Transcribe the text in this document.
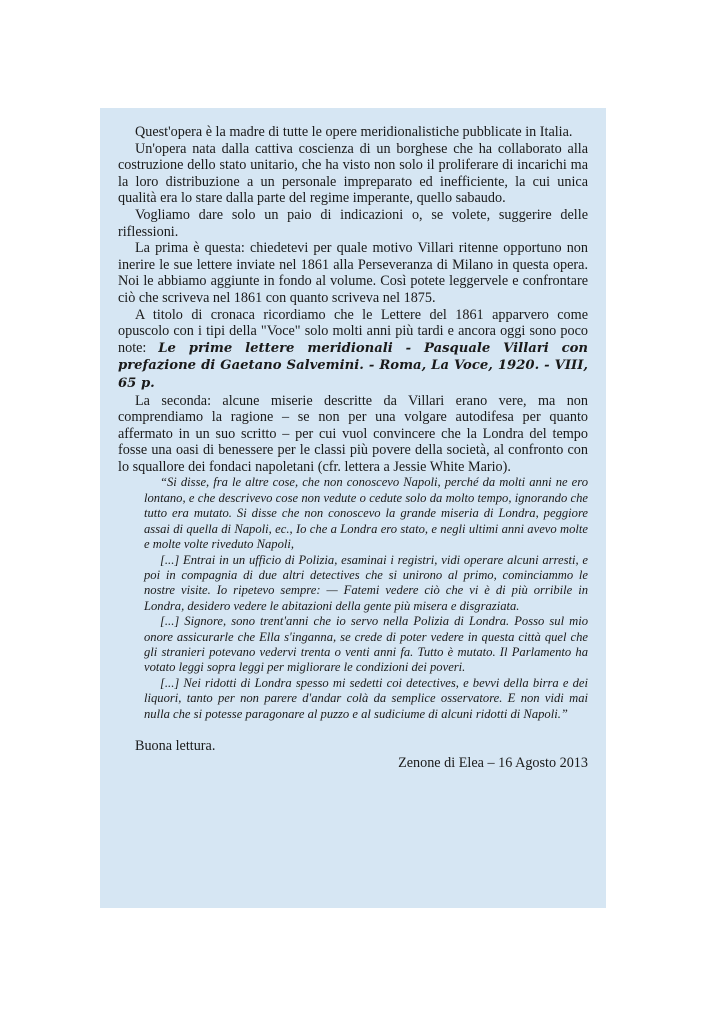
Quest'opera è la madre di tutte le opere meridionalistiche pubblicate in Italia.

Un'opera nata dalla cattiva coscienza di un borghese che ha collaborato alla costruzione dello stato unitario, che ha visto non solo il proliferare di incarichi ma la loro distribuzione a un personale impreparato ed inefficiente, la cui unica qualità era lo stare dalla parte del regime imperante, quello sabaudo.

Vogliamo dare solo un paio di indicazioni o, se volete, suggerire delle riflessioni.

La prima è questa: chiedetevi per quale motivo Villari ritenne opportuno non inerire le sue lettere inviate nel 1861 alla Perseveranza di Milano in questa opera. Noi le abbiamo aggiunte in fondo al volume. Così potete leggervele e confrontare ciò che scriveva nel 1861 con quanto scriveva nel 1875.

A titolo di cronaca ricordiamo che le Lettere del 1861 apparvero come opuscolo con i tipi della "Voce" solo molti anni più tardi e ancora oggi sono poco note: Le prime lettere meridionali - Pasquale Villari con prefazione di Gaetano Salvemini. - Roma, La Voce, 1920. - VIII, 65 p.

La seconda: alcune miserie descritte da Villari erano vere, ma non comprendiamo la ragione – se non per una volgare autodifesa per quanto affermato in un suo scritto – per cui vuol convincere che la Londra del tempo fosse una oasi di benessere per le classi più povere della società, al confronto con lo squallore dei fondaci napoletani (cfr. lettera a Jessie White Mario).

“Si disse, fra le altre cose, che non conoscevo Napoli, perché da molti anni ne ero lontano, e che descrivevo cose non vedute o cedute solo da molto tempo, ignorando che tutto era mutato. Si disse che non conoscevo la grande miseria di Londra, peggiore assai di quella di Napoli, ec., Io che a Londra ero stato, e negli ultimi anni avevo molte e molte volte riveduto Napoli,

[...] Entrai in un ufficio di Polizia, esaminai i registri, vidi operare alcuni arresti, e poi in compagnia di due altri detectives che si unirono al primo, cominciammo le nostre visite. Io ripetevo sempre: — Fatemi vedere ciò che vi è di più orribile in Londra, desidero vedere le abitazioni della gente più misera e disgraziata.

[...] Signore, sono trent'anni che io servo nella Polizia di Londra. Posso sul mio onore assicurarle che Ella s'inganna, se crede di poter vedere in questa città quel che gli stranieri potevano vedervi trenta o venti anni fa. Tutto è mutato. Il Parlamento ha votato leggi sopra leggi per migliorare le condizioni dei poveri.

[...] Nei ridotti di Londra spesso mi sedetti coi detectives, e bevvi della birra e dei liquori, tanto per non parere d'andar colà da semplice osservatore. E non vidi mai nulla che si potesse paragonare al puzzo e al sudiciume di alcuni ridotti di Napoli.”

Buona lettura.

Zenone di Elea – 16 Agosto 2013
